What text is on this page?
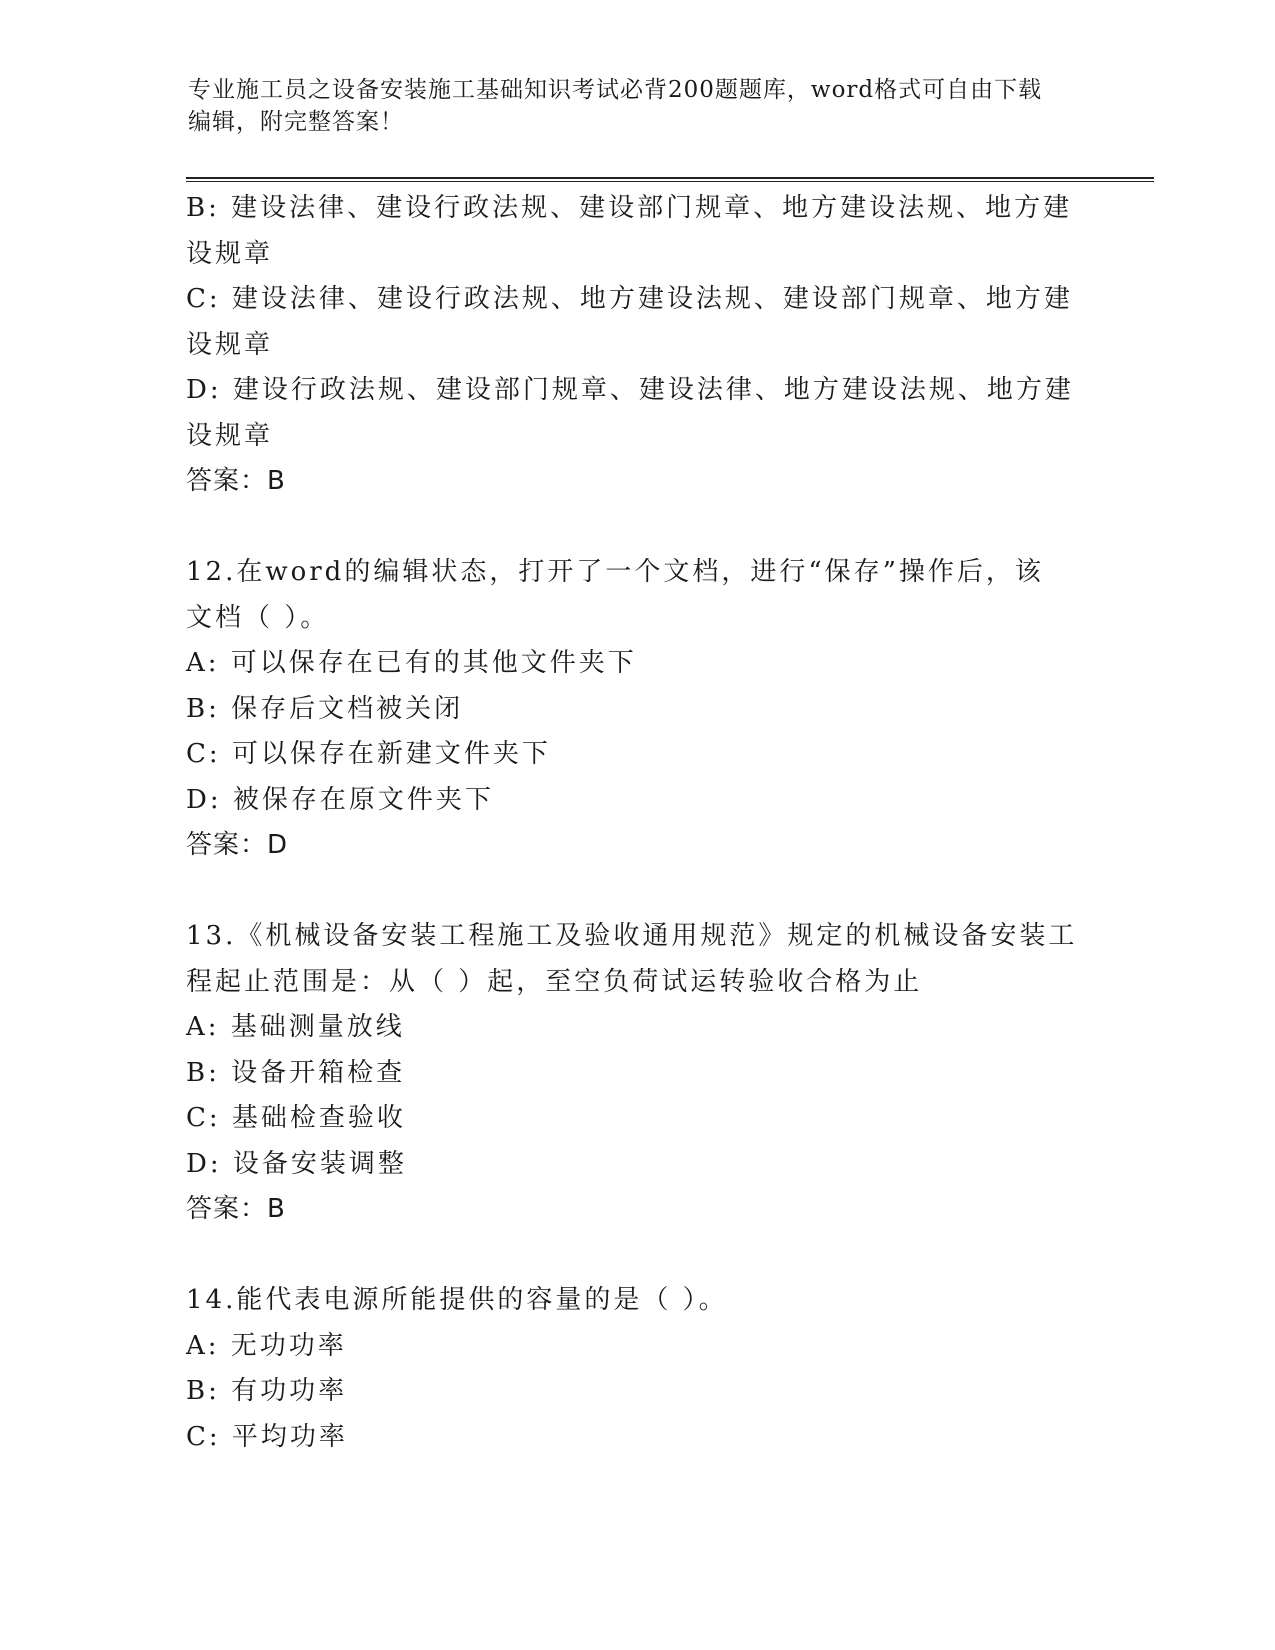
专业施工员之设备安装施工基础知识考试必背200题题库，word格式可自由下载
编辑，附完整答案！
B: 建设法律、建设行政法规、建设部门规章、地方建设法规、地方建
设规章
C: 建设法律、建设行政法规、地方建设法规、建设部门规章、地方建
设规章
D: 建设行政法规、建设部门规章、建设法律、地方建设法规、地方建
设规章
答案：B
12.在word的编辑状态，打开了一个文档，进行“保存”操作后，该
文档（ ）。
A: 可以保存在已有的其他文件夹下
B: 保存后文档被关闭
C: 可以保存在新建文件夹下
D: 被保存在原文件夹下
答案：D
13.《机械设备安装工程施工及验收通用规范》规定的机械设备安装工
程起止范围是：从（ ）起，至空负荷试运转验收合格为止
A: 基础测量放线
B: 设备开箱检查
C: 基础检查验收
D: 设备安装调整
答案：B
14.能代表电源所能提供的容量的是（ ）。
A: 无功功率
B: 有功功率
C: 平均功率
